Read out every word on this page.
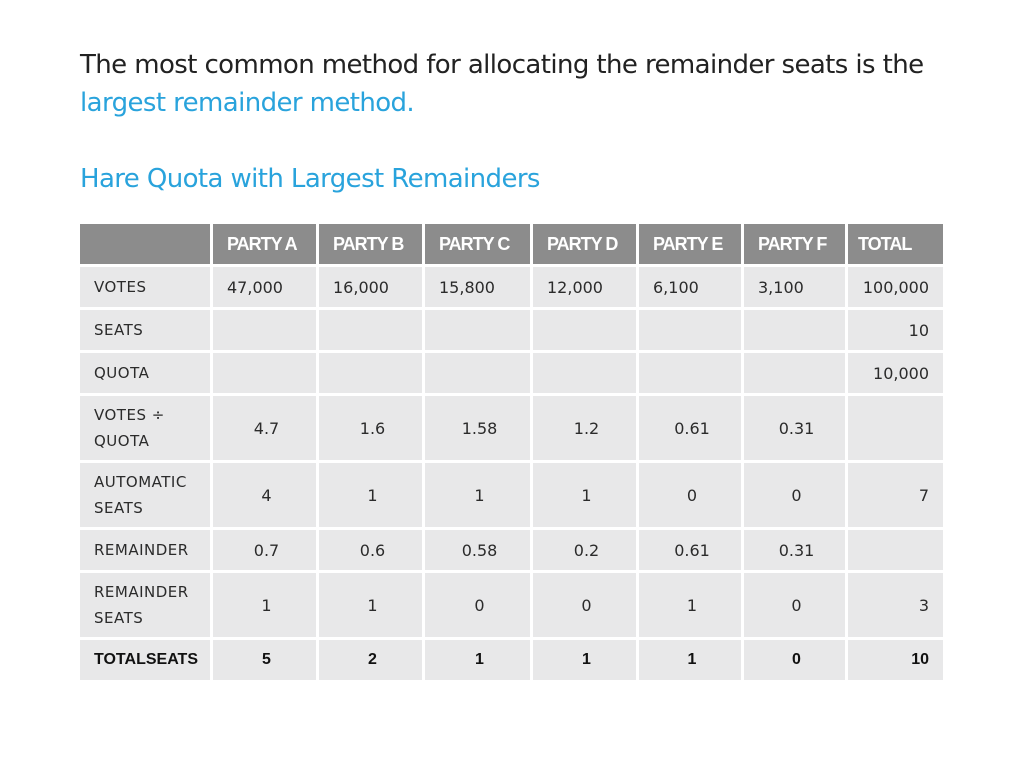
The most common method for allocating the remainder seats is the largest remainder method.
Hare Quota with Largest Remainders
	PARTY A	PARTY B	PARTY C	PARTY D	PARTY E	PARTY F	TOTAL
VOTES	47,000	16,000	15,800	12,000	6,100	3,100	100,000
SEATS							10
QUOTA							10,000
VOTES ÷ QUOTA	4.7	1.6	1.58	1.2	0.61	0.31	
AUTOMATIC SEATS	4	1	1	1	0	0	7
REMAINDER	0.7	0.6	0.58	0.2	0.61	0.31	
REMAINDER SEATS	1	1	0	0	1	0	3
TOTALSEATS	5	2	1	1	1	0	10
